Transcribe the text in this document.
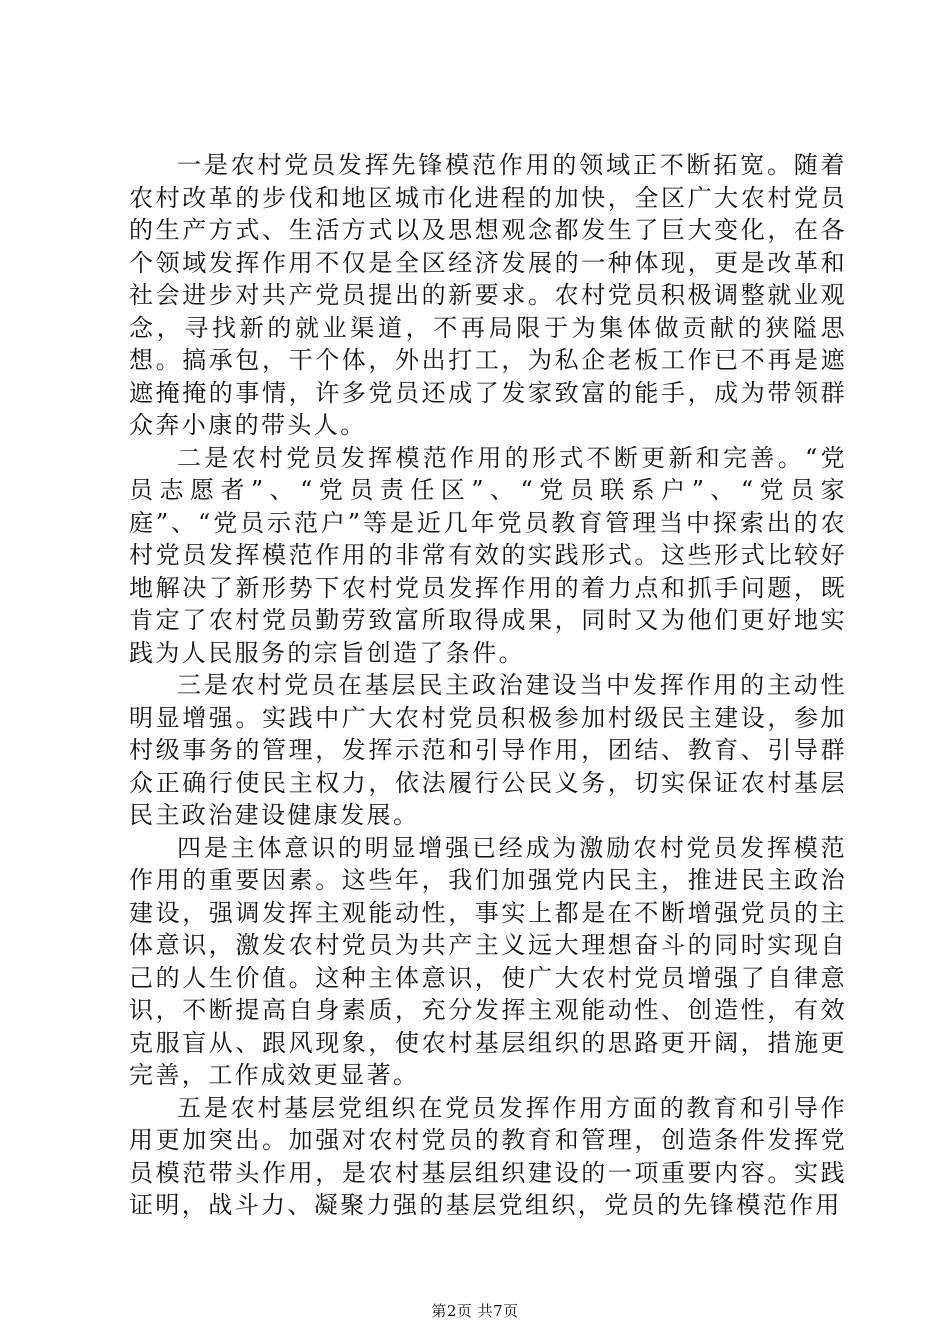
一是农村党员发挥先锋模范作用的领域正不断拓宽。随着农村改革的步伐和地区城市化进程的加快，全区广大农村党员的生产方式、生活方式以及思想观念都发生了巨大变化，在各个领域发挥作用不仅是全区经济发展的一种体现，更是改革和社会进步对共产党员提出的新要求。农村党员积极调整就业观念，寻找新的就业渠道，不再局限于为集体做贡献的狭隘思想。搞承包，干个体，外出打工，为私企老板工作已不再是遮遮掩掩的事情，许多党员还成了发家致富的能手，成为带领群众奔小康的带头人。

二是农村党员发挥模范作用的形式不断更新和完善。“党员志愿者”、“党员责任区”、“党员联系户”、“党员家庭”、“党员示范户”等是近几年党员教育管理当中探索出的农村党员发挥模范作用的非常有效的实践形式。这些形式比较好地解决了新形势下农村党员发挥作用的着力点和抓手问题，既肯定了农村党员勤劳致富所取得成果，同时又为他们更好地实践为人民服务的宗旨创造了条件。

三是农村党员在基层民主政治建设当中发挥作用的主动性明显增强。实践中广大农村党员积极参加村级民主建设，参加村级事务的管理，发挥示范和引导作用，团结、教育、引导群众正确行使民主权力，依法履行公民义务，切实保证农村基层民主政治建设健康发展。

四是主体意识的明显增强已经成为激励农村党员发挥模范作用的重要因素。这些年，我们加强党内民主，推进民主政治建设，强调发挥主观能动性，事实上都是在不断增强党员的主体意识，激发农村党员为共产主义远大理想奋斗的同时实现自己的人生价值。这种主体意识，使广大农村党员增强了自律意识，不断提高自身素质，充分发挥主观能动性、创造性，有效克服盲从、跟风现象，使农村基层组织的思路更开阔，措施更完善，工作成效更显著。

五是农村基层党组织在党员发挥作用方面的教育和引导作用更加突出。加强对农村党员的教育和管理，创造条件发挥党员模范带头作用，是农村基层组织建设的一项重要内容。实践证明，战斗力、凝聚力强的基层党组织，党员的先锋模范作用

第2页 共7页
